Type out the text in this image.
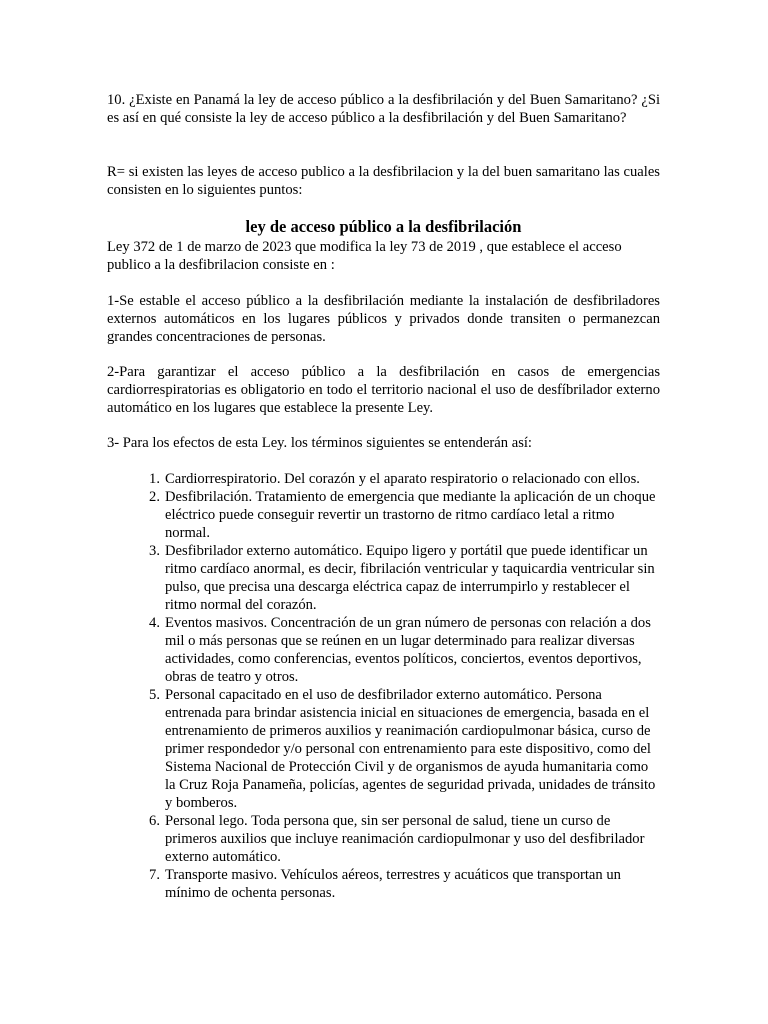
10. ¿Existe en Panamá la ley de acceso público a la desfibrilación y del Buen Samaritano? ¿Si es así en qué consiste la ley de acceso público a la desfibrilación y del Buen Samaritano?

R= si existen las leyes de acceso publico a la desfibrilacion y la del buen samaritano las cuales consisten en lo siguientes puntos:

ley de acceso público a la desfibrilación

Ley 372 de 1 de marzo de 2023 que modifica la ley 73 de 2019 , que establece el acceso publico a la desfibrilacion consiste en :

1-Se estable el acceso público a la desfibrilación mediante la instalación de desfibriladores externos automáticos en los lugares públicos y privados donde transiten o permanezcan grandes concentraciones de personas.

2-Para garantizar el acceso público a la desfibrilación en casos de emergencias cardiorrespiratorias es obligatorio en todo el territorio nacional el uso de desfíbrilador externo automático en los lugares que establece la presente Ley.

3- Para los efectos de esta Ley. los términos siguientes se entenderán así:

1. Cardiorrespiratorio. Del corazón y el aparato respiratorio o relacionado con ellos.
2. Desfibrilación. Tratamiento de emergencia que mediante la aplicación de un choque eléctrico puede conseguir revertir un trastorno de ritmo cardíaco letal a ritmo normal.
3. Desfibrilador externo automático. Equipo ligero y portátil que puede identificar un ritmo cardíaco anormal, es decir, fibrilación ventricular y taquicardia ventricular sin pulso, que precisa una descarga eléctrica capaz de interrumpirlo y restablecer el ritmo normal del corazón.
4. Eventos masivos. Concentración de un gran número de personas con relación a dos mil o más personas que se reúnen en un lugar determinado para realizar diversas actividades, como conferencias, eventos políticos, conciertos, eventos deportivos, obras de teatro y otros.
5. Personal capacitado en el uso de desfibrilador externo automático. Persona entrenada para brindar asistencia inicial en situaciones de emergencia, basada en el entrenamiento de primeros auxilios y reanimación cardiopulmonar básica, curso de primer respondedor y/o personal con entrenamiento para este dispositivo, como del Sistema Nacional de Protección Civil y de organismos de ayuda humanitaria como la Cruz Roja Panameña, policías, agentes de seguridad privada, unidades de tránsito y bomberos.
6. Personal lego. Toda persona que, sin ser personal de salud, tiene un curso de primeros auxilios que incluye reanimación cardiopulmonar y uso del desfibrilador externo automático.
7. Transporte masivo. Vehículos aéreos, terrestres y acuáticos que transportan un mínimo de ochenta personas.
